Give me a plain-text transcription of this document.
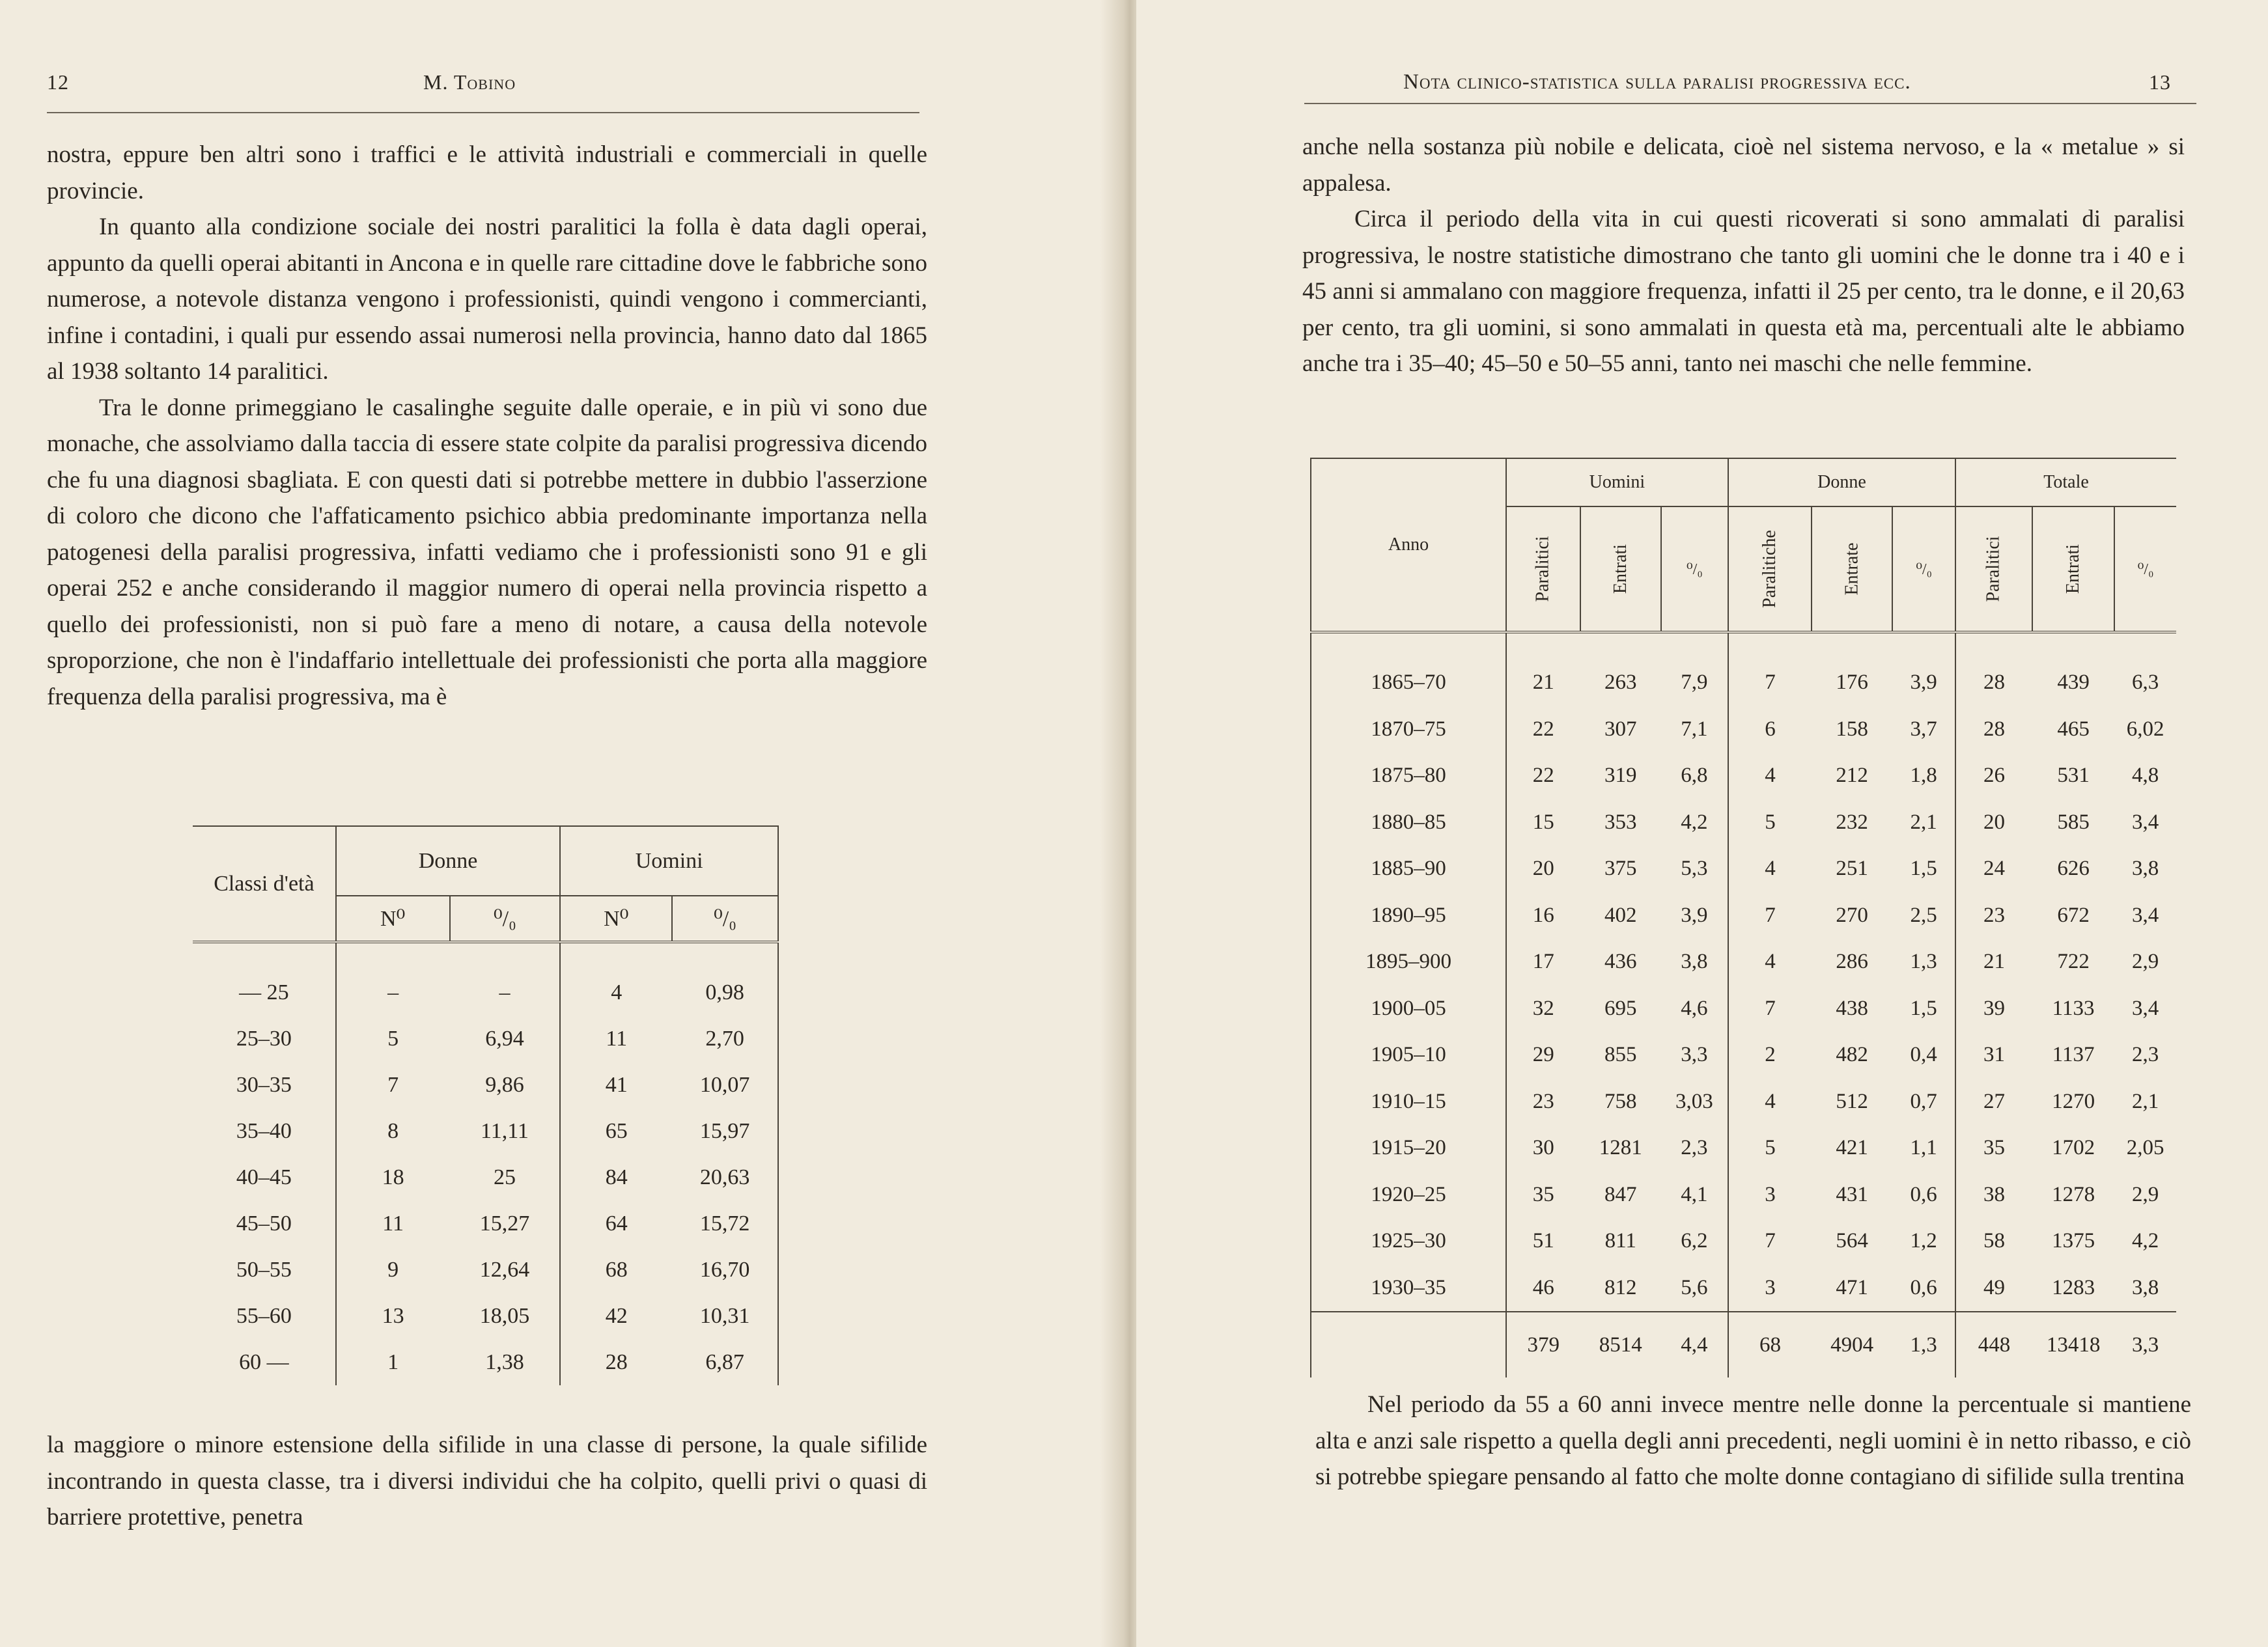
12	M. Tobino

nostra, eppure ben altri sono i traffici e le attività industriali e commerciali in quelle provincie.

In quanto alla condizione sociale dei nostri paralitici la folla è data dagli operai, appunto da quelli operai abitanti in Ancona e in quelle rare cittadine dove le fabbriche sono numerose, a notevole distanza vengono i professionisti, quindi vengono i commercianti, infine i contadini, i quali pur essendo assai numerosi nella provincia, hanno dato dal 1865 al 1938 soltanto 14 paralitici.

Tra le donne primeggiano le casalinghe seguite dalle operaie, e in più vi sono due monache, che assolviamo dalla taccia di essere state colpite da paralisi progressiva dicendo che fu una diagnosi sbagliata. E con questi dati si potrebbe mettere in dubbio l'asserzione di coloro che dicono che l'affaticamento psichico abbia predominante importanza nella patogenesi della paralisi progressiva, infatti vediamo che i professionisti sono 91 e gli operai 252 e anche considerando il maggior numero di operai nella provincia rispetto a quello dei professionisti, non si può fare a meno di notare, a causa della notevole sproporzione, che non è l'indaffario intellettuale dei professionisti che porta alla maggiore frequenza della paralisi progressiva, ma è

Classi d'età	Donne		Uomini	
	N⁰	⁰/₀	N⁰	⁰/₀
— 25	–	–	4	0,98
25–30	5	6,94	11	2,70
30–35	7	9,86	41	10,07
35–40	8	11,11	65	15,97
40–45	18	25	84	20,63
45–50	11	15,27	64	15,72
50–55	9	12,64	68	16,70
55–60	13	18,05	42	10,31
60 —	1	1,38	28	6,87

la maggiore o minore estensione della sifilide in una classe di persone, la quale sifilide incontrando in questa classe, tra i diversi individui che ha colpito, quelli privi o quasi di barriere protettive, penetra

Nota clinico-statistica sulla paralisi progressiva ecc.	13

anche nella sostanza più nobile e delicata, cioè nel sistema nervoso, e la « metalue » si appalesa.

Circa il periodo della vita in cui questi ricoverati si sono ammalati di paralisi progressiva, le nostre statistiche dimostrano che tanto gli uomini che le donne tra i 40 e i 45 anni si ammalano con maggiore frequenza, infatti il 25 per cento, tra le donne, e il 20,63 per cento, tra gli uomini, si sono ammalati in questa età ma, percentuali alte le abbiamo anche tra i 35–40; 45–50 e 50–55 anni, tanto nei maschi che nelle femmine.

Anno	Uomini			Donne			Totale		
	Paralitici	Entrati	⁰/₀	Paralitiche	Entrate	⁰/₀	Paralitici	Entrati	⁰/₀
1865–70	21	263	7,9	7	176	3,9	28	439	6,3
1870–75	22	307	7,1	6	158	3,7	28	465	6,02
1875–80	22	319	6,8	4	212	1,8	26	531	4,8
1880–85	15	353	4,2	5	232	2,1	20	585	3,4
1885–90	20	375	5,3	4	251	1,5	24	626	3,8
1890–95	16	402	3,9	7	270	2,5	23	672	3,4
1895–900	17	436	3,8	4	286	1,3	21	722	2,9
1900–05	32	695	4,6	7	438	1,5	39	1133	3,4
1905–10	29	855	3,3	2	482	0,4	31	1137	2,3
1910–15	23	758	3,03	4	512	0,7	27	1270	2,1
1915–20	30	1281	2,3	5	421	1,1	35	1702	2,05
1920–25	35	847	4,1	3	431	0,6	38	1278	2,9
1925–30	51	811	6,2	7	564	1,2	58	1375	4,2
1930–35	46	812	5,6	3	471	0,6	49	1283	3,8
	379	8514	4,4	68	4904	1,3	448	13418	3,3

Nel periodo da 55 a 60 anni invece mentre nelle donne la percentuale si mantiene alta e anzi sale rispetto a quella degli anni precedenti, negli uomini è in netto ribasso, e ciò si potrebbe spiegare pensando al fatto che molte donne contagiano di sifilide sulla trentina
